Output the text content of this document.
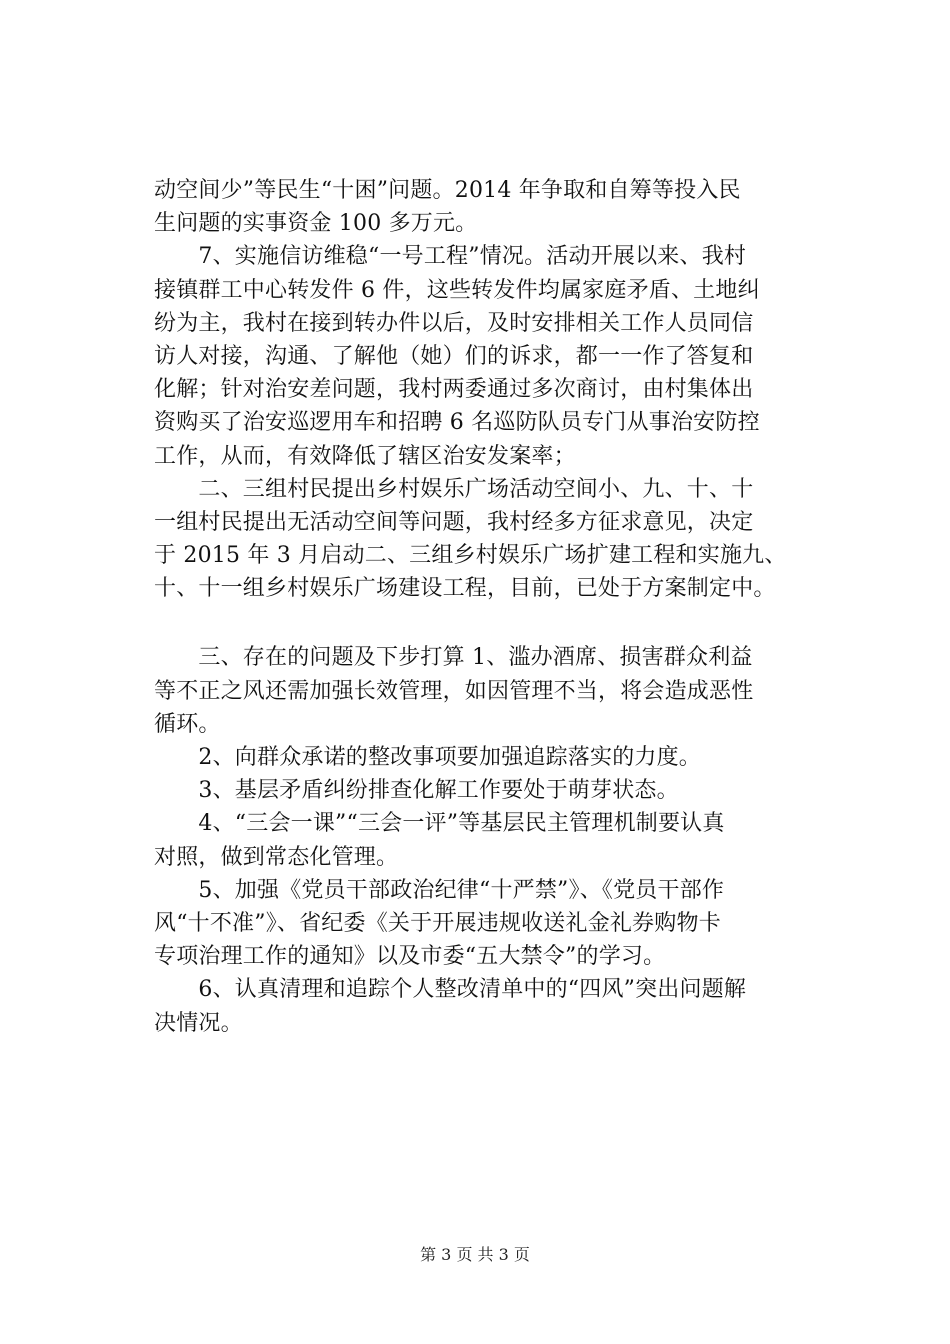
动空间少”等民生“十困”问题。2014 年争取和自筹等投入民
生问题的实事资金 100 多万元。
　　7、实施信访维稳“一号工程”情况。活动开展以来、我村
接镇群工中心转发件 6 件，这些转发件均属家庭矛盾、土地纠
纷为主，我村在接到转办件以后，及时安排相关工作人员同信
访人对接，沟通、了解他（她）们的诉求，都一一作了答复和
化解；针对治安差问题，我村两委通过多次商讨，由村集体出
资购买了治安巡逻用车和招聘 6 名巡防队员专门从事治安防控
工作，从而，有效降低了辖区治安发案率；
　　二、三组村民提出乡村娱乐广场活动空间小、九、十、十
一组村民提出无活动空间等问题，我村经多方征求意见，决定
于 2015 年 3 月启动二、三组乡村娱乐广场扩建工程和实施九、
十、十一组乡村娱乐广场建设工程，目前，已处于方案制定中。
　　三、存在的问题及下步打算 1、滥办酒席、损害群众利益
等不正之风还需加强长效管理，如因管理不当，将会造成恶性
循环。
　　2、向群众承诺的整改事项要加强追踪落实的力度。
　　3、基层矛盾纠纷排查化解工作要处于萌芽状态。
　　4、“三会一课”“三会一评”等基层民主管理机制要认真
对照，做到常态化管理。
　　5、加强《党员干部政治纪律“十严禁”》、《党员干部作
风“十不准”》、省纪委《关于开展违规收送礼金礼券购物卡
专项治理工作的通知》以及市委“五大禁令”的学习。
　　6、认真清理和追踪个人整改清单中的“四风”突出问题解
决情况。
第 3 页 共 3 页
